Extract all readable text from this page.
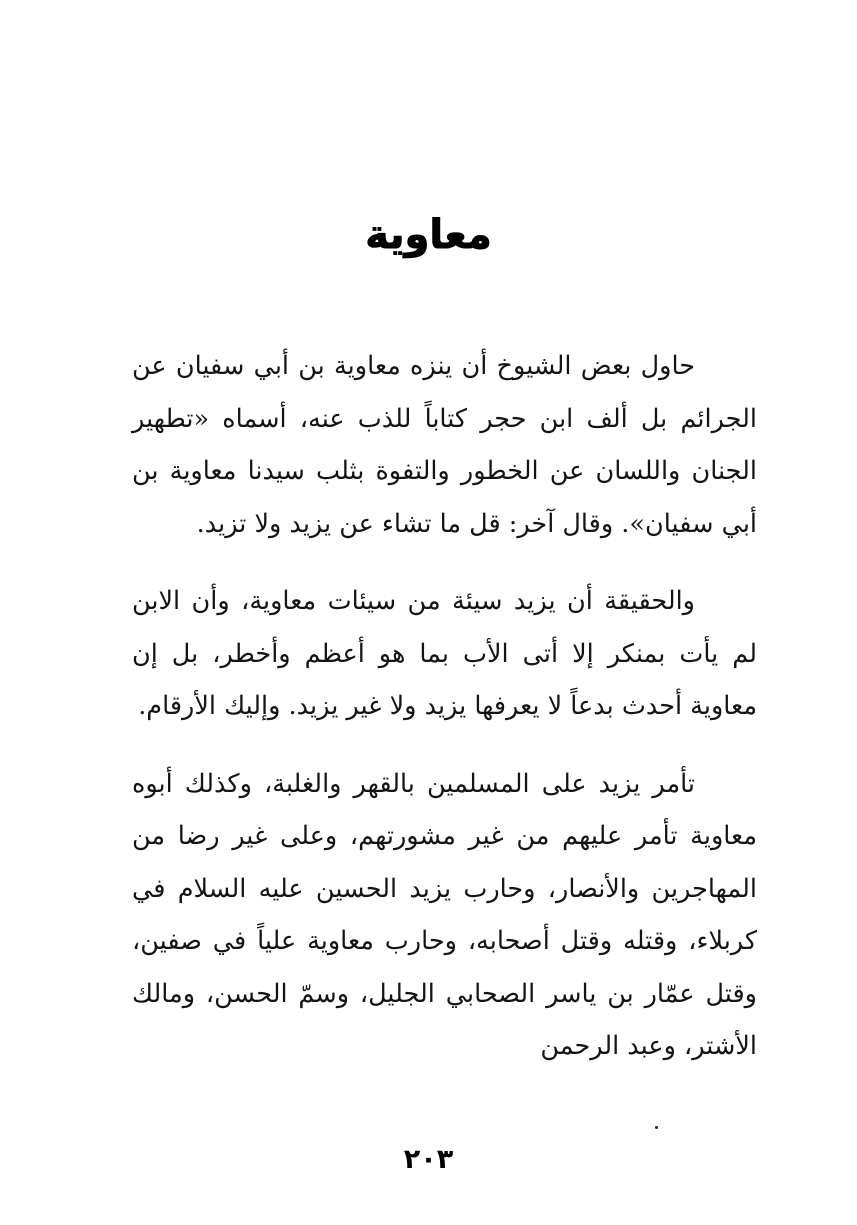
معاوية

حاول بعض الشيوخ أن ينزه معاوية بن أبي سفيان عن الجرائم بل ألف ابن حجر كتاباً للذب عنه، أسماه «تطهير الجنان واللسان عن الخطور والتفوة بثلب سيدنا معاوية بن أبي سفيان». وقال آخر: قل ما تشاء عن يزيد ولا تزيد.

والحقيقة أن يزيد سيئة من سيئات معاوية، وأن الابن لم يأت بمنكر إلا أتى الأب بما هو أعظم وأخطر، بل إن معاوية أحدث بدعاً لا يعرفها يزيد ولا غير يزيد. وإليك الأرقام.

تأمر يزيد على المسلمين بالقهر والغلبة، وكذلك أبوه معاوية تأمر عليهم من غير مشورتهم، وعلى غير رضا من المهاجرين والأنصار، وحارب يزيد الحسين عليه السلام في كربلاء، وقتله وقتل أصحابه، وحارب معاوية علياً في صفين، وقتل عمّار بن ياسر الصحابي الجليل، وسمّ الحسن، ومالك الأشتر، وعبد الرحمن

٢٠٣
